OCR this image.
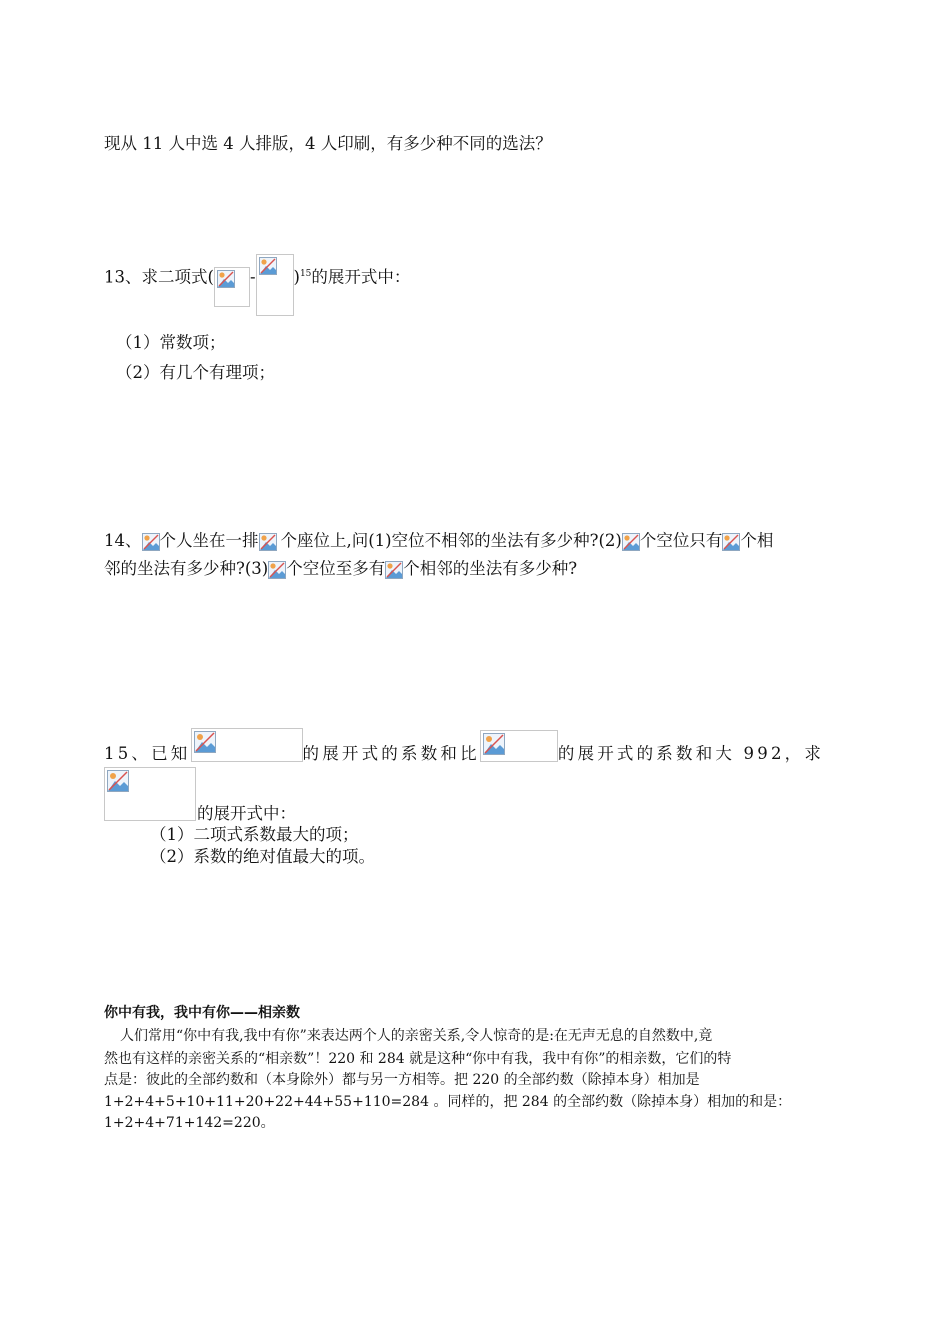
现从 11 人中选 4 人排版，4 人印刷，有多少种不同的选法？
13、求二项式( - )$^{15}$的展开式中：
（1）常数项；
（2）有几个有理项；
14、 个人坐在一排 个座位上,问(1)空位不相邻的坐法有多少种?(2) 个空位只有 个相
邻的坐法有多少种?(3) 个空位至多有 个相邻的坐法有多少种?
15、已知	的展开式的系数和比	的展开式的系数和大 992，求
的展开式中：
（1）二项式系数最大的项；
（2）系数的绝对值最大的项。
你中有我，我中有你——相亲数
人们常用“你中有我,我中有你”来表达两个人的亲密关系,令人惊奇的是:在无声无息的自然数中,竟
然也有这样的亲密关系的“相亲数”！220 和 284 就是这种“你中有我，我中有你”的相亲数，它们的特
点是：彼此的全部约数和（本身除外）都与另一方相等。把 220 的全部约数（除掉本身）相加是
1+2+4+5+10+11+20+22+44+55+110=284 。同样的，把 284 的全部约数（除掉本身）相加的和是：
1+2+4+71+142=220。
